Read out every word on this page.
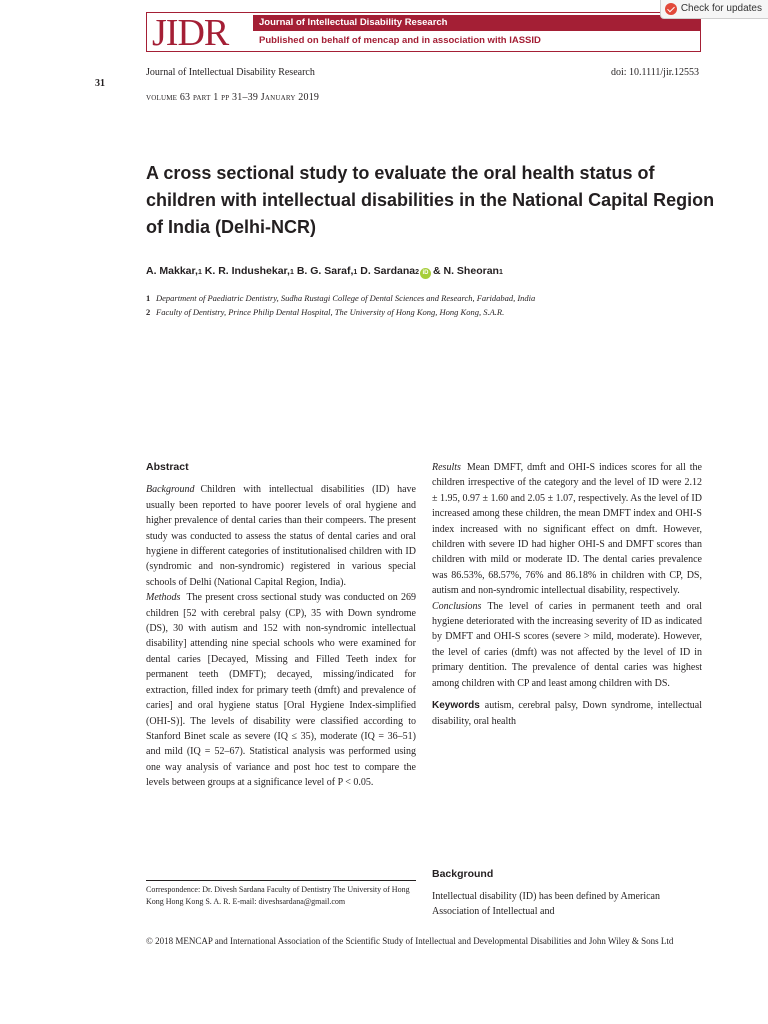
JIDR	Journal of Intellectual Disability Research
Published on behalf of mencap and in association with IASSID
Check for updates
31
Journal of Intellectual Disability Research	doi: 10.1111/jir.12553
volume 63 part 1 pp 31–39 January 2019
A cross sectional study to evaluate the oral health status of children with intellectual disabilities in the National Capital Region of India (Delhi-NCR)
A. Makkar, 1
K. R. Indushekar, 1
B. G. Saraf, 1
D. Sardana 2 iD & N. Sheoran 1
1 Department of Paediatric Dentistry, Sudha Rustagi College of Dental Sciences and Research, Faridabad, India
2 Faculty of Dentistry, Prince Philip Dental Hospital, The University of Hong Kong, Hong Kong, S.A.R.
Abstract

Background Children with intellectual disabilities (ID) have usually been reported to have poorer levels of oral hygiene and higher prevalence of dental caries than their compeers. The present study was conducted to assess the status of dental caries and oral hygiene in different categories of institutionalised children with ID (syndromic and non-syndromic) registered in various special schools of Delhi (National Capital Region, India).

Methods The present cross sectional study was conducted on 269 children [52 with cerebral palsy (CP), 35 with Down syndrome (DS), 30 with autism and 152 with non-syndromic intellectual disability] attending nine special schools who were examined for dental caries [Decayed, Missing and Filled Teeth index for permanent teeth (DMFT); decayed, missing/indicated for extraction, filled index for primary teeth (dmft) and prevalence of caries] and oral hygiene status [Oral Hygiene Index-simplified (OHI-S)]. The levels of disability were classified according to Stanford Binet scale as severe (IQ ≤ 35), moderate (IQ = 36–51) and mild (IQ = 52–67). Statistical analysis was performed using one way analysis of variance and post hoc test to compare the levels between groups at a significance level of P < 0.05.

Results Mean DMFT, dmft and OHI-S indices scores for all the children irrespective of the category and the level of ID were 2.12 ± 1.95, 0.97 ± 1.60 and 2.05 ± 1.07, respectively. As the level of ID increased among these children, the mean DMFT index and OHI-S index increased with no significant effect on dmft. However, children with severe ID had higher OHI-S and DMFT scores than children with mild or moderate ID. The dental caries prevalence was 86.53%, 68.57%, 76% and 86.18% in children with CP, DS, autism and non-syndromic intellectual disability, respectively.

Conclusions The level of caries in permanent teeth and oral hygiene deteriorated with the increasing severity of ID as indicated by DMFT and OHI-S scores (severe > mild, moderate). However, the level of caries (dmft) was not affected by the level of ID in primary dentition. The prevalence of dental caries was highest among children with CP and least among children with DS.

Keywords autism, cerebral palsy, Down syndrome, intellectual disability, oral health

Background

Intellectual disability (ID) has been defined by American Association of Intellectual and

Correspondence: Dr. Divesh Sardana Faculty of Dentistry The University of Hong Kong Hong Kong S. A. R. E-mail: diveshsardana@gmail.com
© 2018 MENCAP and International Association of the Scientific Study of Intellectual and Developmental Disabilities and John Wiley & Sons Ltd
